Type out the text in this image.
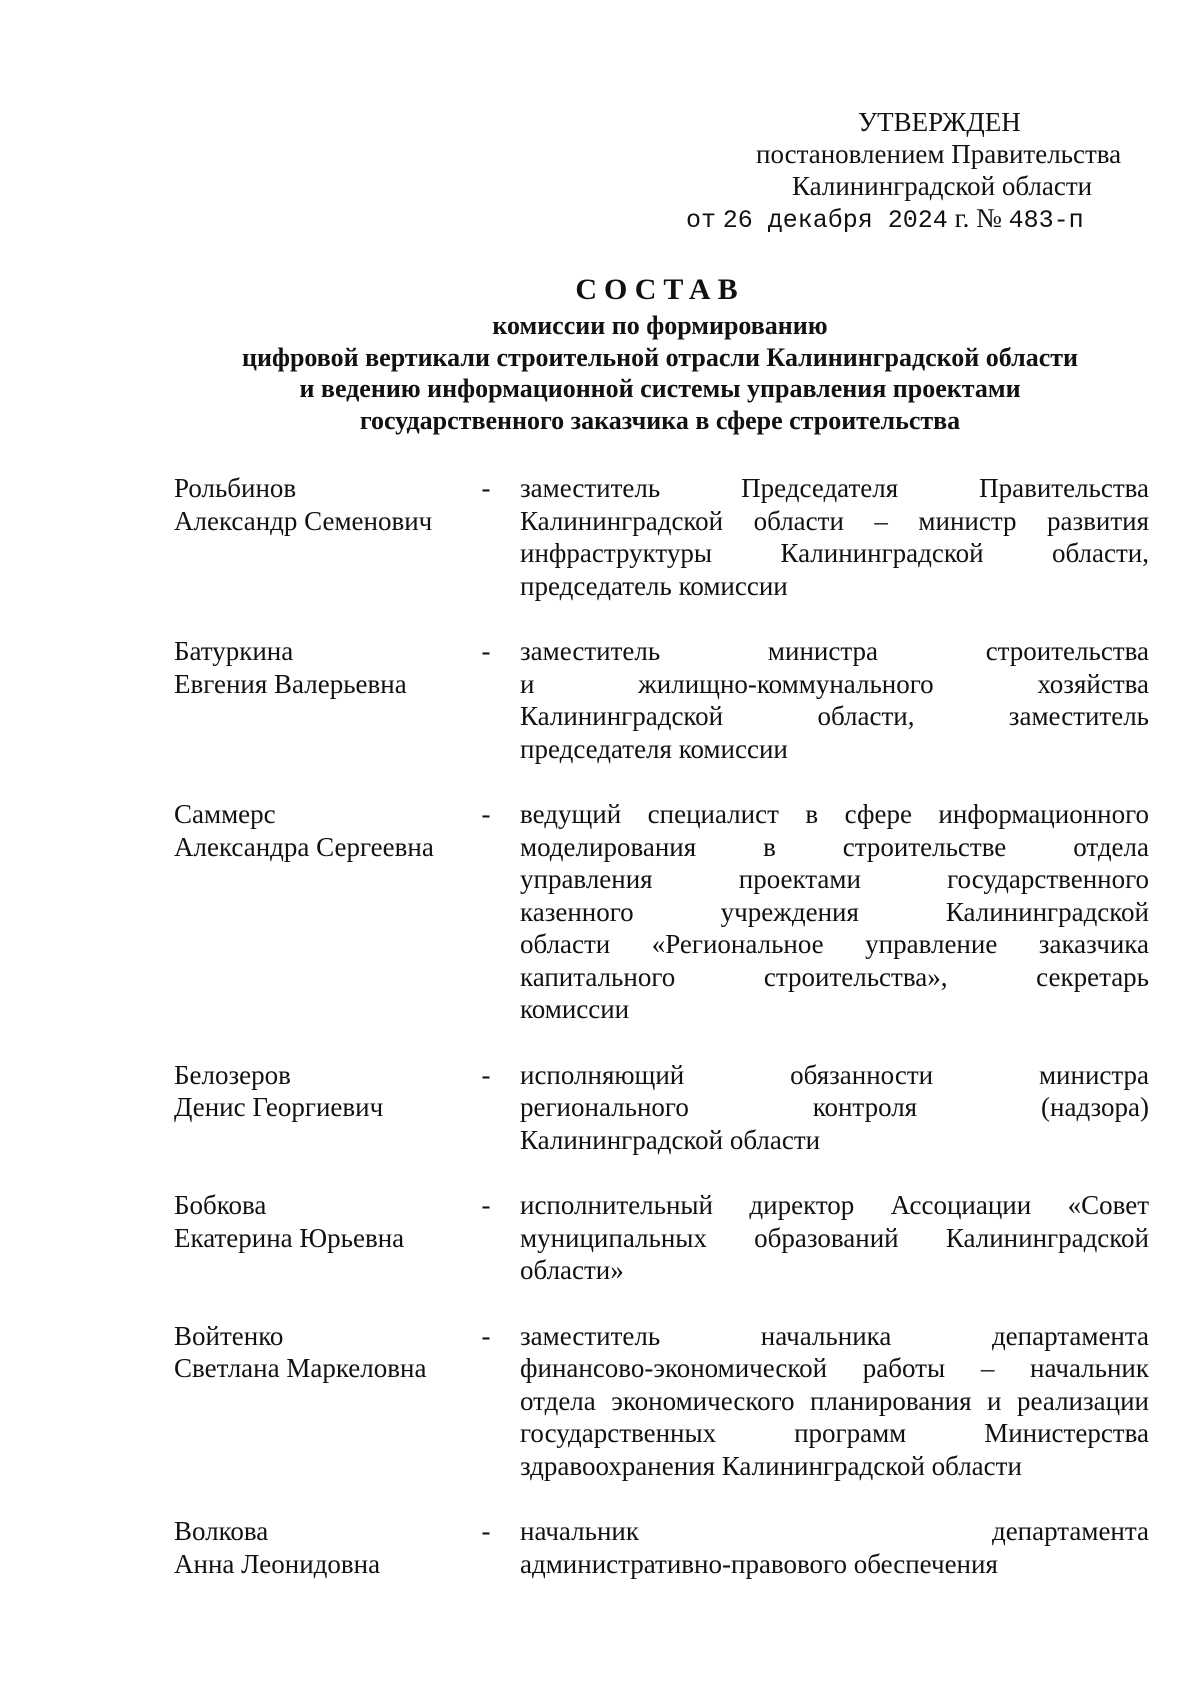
УТВЕРЖДЕН
постановлением Правительства
Калининградской области
от 26 декабря 2024 г. № 483-п
СОСТАВ
комиссии по формированию
цифровой вертикали строительной отрасли Калининградской области
и ведению информационной системы управления проектами
государственного заказчика в сфере строительства
Рольбинов
Александр Семенович
-	заместитель Председателя Правительства
Калининградской области – министр развития
инфраструктуры Калининградской области,
председатель комиссии
Батуркина
Евгения Валерьевна
-	заместитель министра строительства
и жилищно-коммунального хозяйства
Калининградской области, заместитель
председателя комиссии
Саммерс
Александра Сергеевна
-	ведущий специалист в сфере информационного
моделирования в строительстве отдела
управления проектами государственного
казенного учреждения Калининградской
области «Региональное управление заказчика
капитального строительства», секретарь
комиссии
Белозеров
Денис Георгиевич
-	исполняющий обязанности министра
регионального контроля (надзора)
Калининградской области
Бобкова
Екатерина Юрьевна
-	исполнительный директор Ассоциации «Совет
муниципальных образований Калининградской
области»
Войтенко
Светлана Маркеловна
-	заместитель начальника департамента
финансово-экономической работы – начальник
отдела экономического планирования и реализации
государственных программ Министерства
здравоохранения Калининградской области
Волкова
Анна Леонидовна
-	начальник департамента
административно-правового обеспечения
